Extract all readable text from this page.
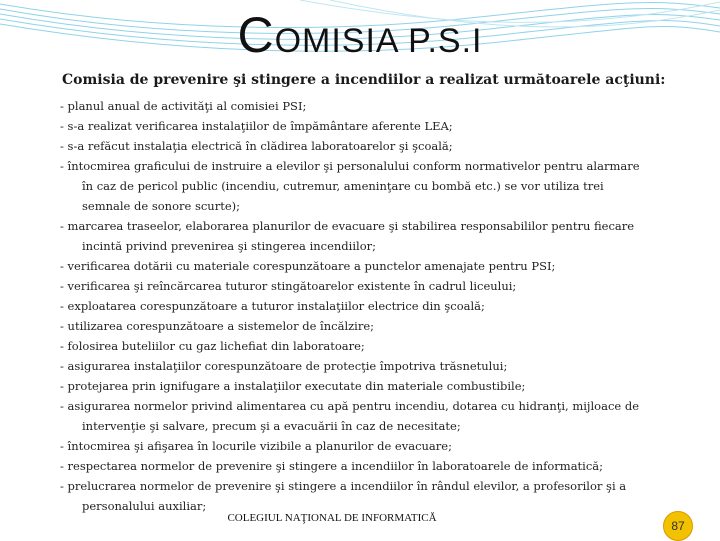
COMISIA P.S.I
Comisia de prevenire şi stingere a incendiilor a realizat următoarele acţiuni:

- planul anual de activităţi al comisiei PSI;

- s-a realizat verificarea instalaţiilor de împământare aferente LEA;

- s-a refăcut instalaţia electrică în clădirea laboratoarelor şi şcoală;

- întocmirea graficului de instruire a elevilor şi personalului conform normativelor pentru alarmare în caz de pericol public (incendiu, cutremur, ameninţare cu bombă etc.) se vor utiliza trei semnale de sonore scurte);

- marcarea traseelor, elaborarea planurilor de evacuare şi stabilirea responsabililor pentru fiecare incintă privind prevenirea şi stingerea incendiilor;

- verificarea dotării cu materiale corespunzătoare a punctelor amenajate pentru PSI;

- verificarea şi reîncărcarea tuturor stingătoarelor existente în cadrul liceului;

- exploatarea corespunzătoare a tuturor instalaţiilor electrice din şcoală;

- utilizarea corespunzătoare a sistemelor de încălzire;

- folosirea buteliilor cu gaz lichefiat din laboratoare;

- asigurarea instalaţiilor corespunzătoare de protecţie împotriva trăsnetului;

- protejarea prin ignifugare a instalaţiilor executate din materiale combustibile;

- asigurarea normelor privind alimentarea cu apă pentru incendiu, dotarea cu hidranţi, mijloace de intervenţie şi salvare, precum şi a evacuării în caz de necesitate;

- întocmirea şi afişarea în locurile vizibile a planurilor de evacuare;

- respectarea normelor de prevenire şi stingere a incendiilor în laboratoarele de informatică;

- prelucrarea normelor de prevenire şi stingere a incendiilor în rândul elevilor, a profesorilor şi a personalului auxiliar;

COLEGIUL NAŢIONAL DE INFORMATICĂ
87
